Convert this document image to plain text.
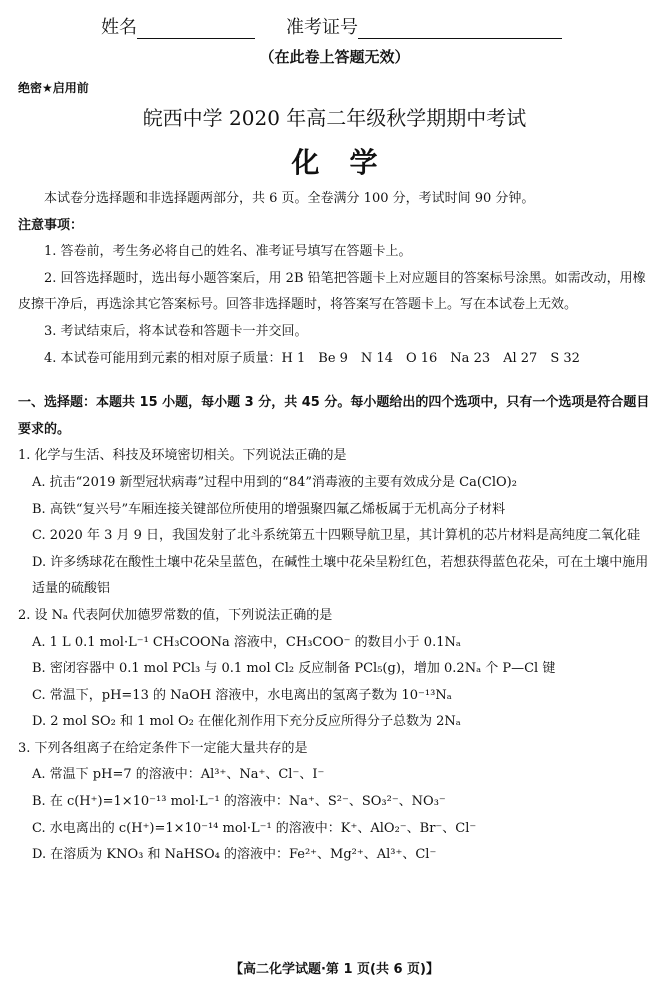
姓名	准考证号
（在此卷上答题无效）
绝密★启用前
皖西中学 2020 年高二年级秋学期期中考试
化学

本试卷分选择题和非选择题两部分，共 6 页。全卷满分 100 分，考试时间 90 分钟。

注意事项：

1. 答卷前，考生务必将自己的姓名、准考证号填写在答题卡上。

2. 回答选择题时，选出每小题答案后，用 2B 铅笔把答题卡上对应题目的答案标号涂黑。如需改动，用橡皮擦干净后，再选涂其它答案标号。回答非选择题时，将答案写在答题卡上。写在本试卷上无效。

3. 考试结束后，将本试卷和答题卡一并交回。

4. 本试卷可能用到元素的相对原子质量：H 1　Be 9　N 14　O 16　Na 23　Al 27　S 32

一、选择题：本题共 15 小题，每小题 3 分，共 45 分。每小题给出的四个选项中，只有一个选项是符合题目要求的。

1. 化学与生活、科技及环境密切相关。下列说法正确的是

A. 抗击“2019 新型冠状病毒”过程中用到的“84”消毒液的主要有效成分是 Ca(ClO)₂

B. 高铁“复兴号”车厢连接关键部位所使用的增强聚四氟乙烯板属于无机高分子材料

C. 2020 年 3 月 9 日，我国发射了北斗系统第五十四颗导航卫星，其计算机的芯片材料是高纯度二氧化硅

D. 许多绣球花在酸性土壤中花朵呈蓝色，在碱性土壤中花朵呈粉红色，若想获得蓝色花朵，可在土壤中施用适量的硫酸铝

2. 设 Nₐ 代表阿伏加德罗常数的值，下列说法正确的是

A. 1 L 0.1 mol·L⁻¹ CH₃COONa 溶液中，CH₃COO⁻ 的数目小于 0.1Nₐ

B. 密闭容器中 0.1 mol PCl₃ 与 0.1 mol Cl₂ 反应制备 PCl₅(g)，增加 0.2Nₐ 个 P—Cl 键

C. 常温下，pH=13 的 NaOH 溶液中，水电离出的氢离子数为 10⁻¹³Nₐ

D. 2 mol SO₂ 和 1 mol O₂ 在催化剂作用下充分反应所得分子总数为 2Nₐ

3. 下列各组离子在给定条件下一定能大量共存的是

A. 常温下 pH=7 的溶液中：Al³⁺、Na⁺、Cl⁻、I⁻

B. 在 c(H⁺)=1×10⁻¹³ mol·L⁻¹ 的溶液中：Na⁺、S²⁻、SO₃²⁻、NO₃⁻

C. 水电离出的 c(H⁺)=1×10⁻¹⁴ mol·L⁻¹ 的溶液中：K⁺、AlO₂⁻、Br⁻、Cl⁻

D. 在溶质为 KNO₃ 和 NaHSO₄ 的溶液中：Fe²⁺、Mg²⁺、Al³⁺、Cl⁻

【高二化学试题·第 1 页(共 6 页)】
